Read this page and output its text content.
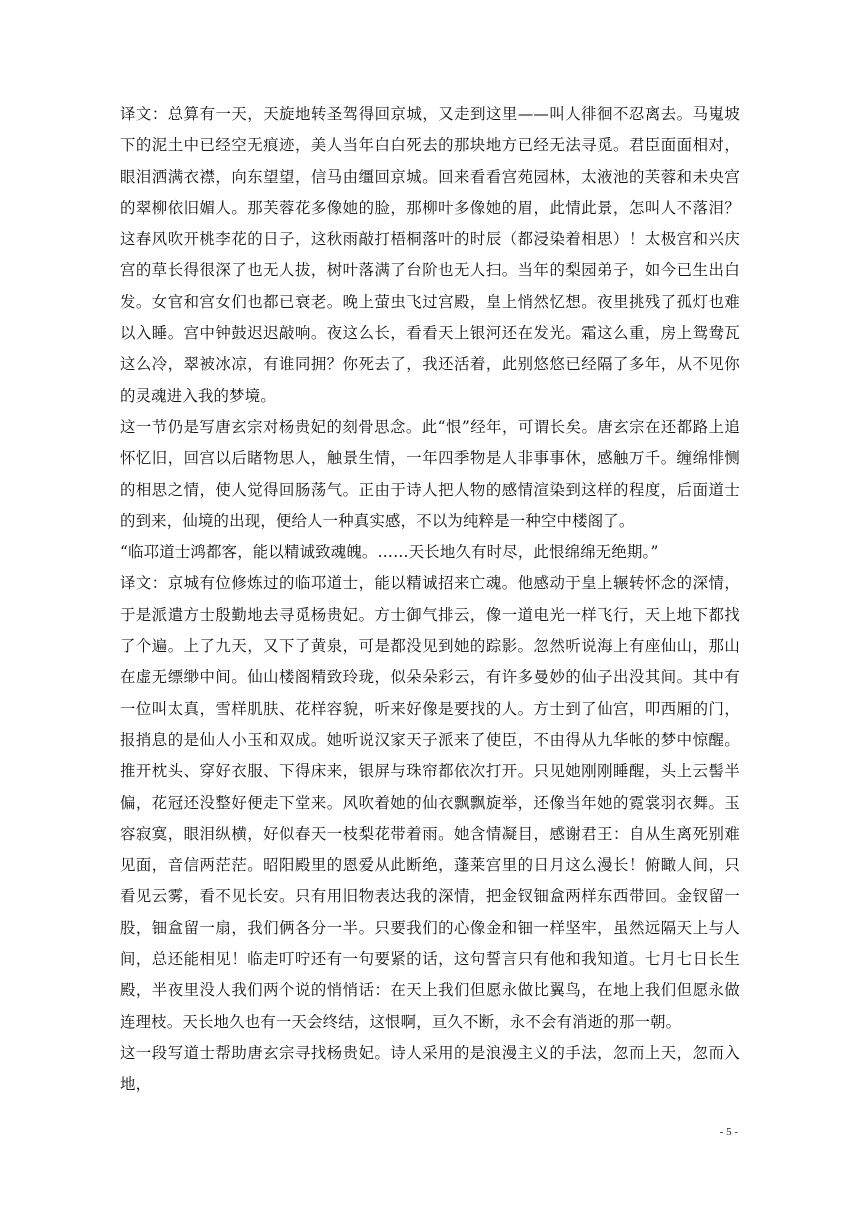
译文：总算有一天，天旋地转圣驾得回京城，又走到这里——叫人徘徊不忍离去。马嵬坡下的泥土中已经空无痕迹，美人当年白白死去的那块地方已经无法寻觅。君臣面面相对，眼泪洒满衣襟，向东望望，信马由缰回京城。回来看看宫苑园林，太液池的芙蓉和未央宫的翠柳依旧媚人。那芙蓉花多像她的脸，那柳叶多像她的眉，此情此景，怎叫人不落泪？这春风吹开桃李花的日子，这秋雨敲打梧桐落叶的时辰（都浸染着相思）！太极宫和兴庆宫的草长得很深了也无人拔，树叶落满了台阶也无人扫。当年的梨园弟子，如今已生出白发。女官和宫女们也都已衰老。晚上萤虫飞过宫殿，皇上悄然忆想。夜里挑残了孤灯也难以入睡。宫中钟鼓迟迟敲响。夜这么长，看看天上银河还在发光。霜这么重，房上鸳鸯瓦这么冷，翠被冰凉，有谁同拥？你死去了，我还活着，此别悠悠已经隔了多年，从不见你的灵魂进入我的梦境。

这一节仍是写唐玄宗对杨贵妃的刻骨思念。此“恨”经年，可谓长矣。唐玄宗在还都路上追怀忆旧，回宫以后睹物思人，触景生情，一年四季物是人非事事休，感触万千。缠绵悱恻的相思之情，使人觉得回肠荡气。正由于诗人把人物的感情渲染到这样的程度，后面道士的到来，仙境的出现，便给人一种真实感，不以为纯粹是一种空中楼阁了。

“临邛道士鸿都客，能以精诚致魂魄。……天长地久有时尽，此恨绵绵无绝期。”

译文：京城有位修炼过的临邛道士，能以精诚招来亡魂。他感动于皇上辗转怀念的深情，于是派遣方士殷勤地去寻觅杨贵妃。方士御气排云，像一道电光一样飞行，天上地下都找了个遍。上了九天，又下了黄泉，可是都没见到她的踪影。忽然听说海上有座仙山，那山在虚无缥缈中间。仙山楼阁精致玲珑，似朵朵彩云，有许多曼妙的仙子出没其间。其中有一位叫太真，雪样肌肤、花样容貌，听来好像是要找的人。方士到了仙宫，叩西厢的门，报捎息的是仙人小玉和双成。她听说汉家天子派来了使臣，不由得从九华帐的梦中惊醒。推开枕头、穿好衣服、下得床来，银屏与珠帘都依次打开。只见她刚刚睡醒，头上云髻半偏，花冠还没整好便走下堂来。风吹着她的仙衣飘飘旋举，还像当年她的霓裳羽衣舞。玉容寂寞，眼泪纵横，好似春天一枝梨花带着雨。她含情凝目，感谢君王：自从生离死别难见面，音信两茫茫。昭阳殿里的恩爱从此断绝，蓬莱宫里的日月这么漫长！俯瞰人间，只看见云雾，看不见长安。只有用旧物表达我的深情，把金钗钿盒两样东西带回。金钗留一股，钿盒留一扇，我们俩各分一半。只要我们的心像金和钿一样坚牢，虽然远隔天上与人间，总还能相见！临走叮咛还有一句要紧的话，这句誓言只有他和我知道。七月七日长生殿，半夜里没人我们两个说的悄悄话：在天上我们但愿永做比翼鸟，在地上我们但愿永做连理枝。天长地久也有一天会终结，这恨啊，亘久不断，永不会有消逝的那一朝。

这一段写道士帮助唐玄宗寻找杨贵妃。诗人采用的是浪漫主义的手法，忽而上天，忽而入地，

- 5 -
